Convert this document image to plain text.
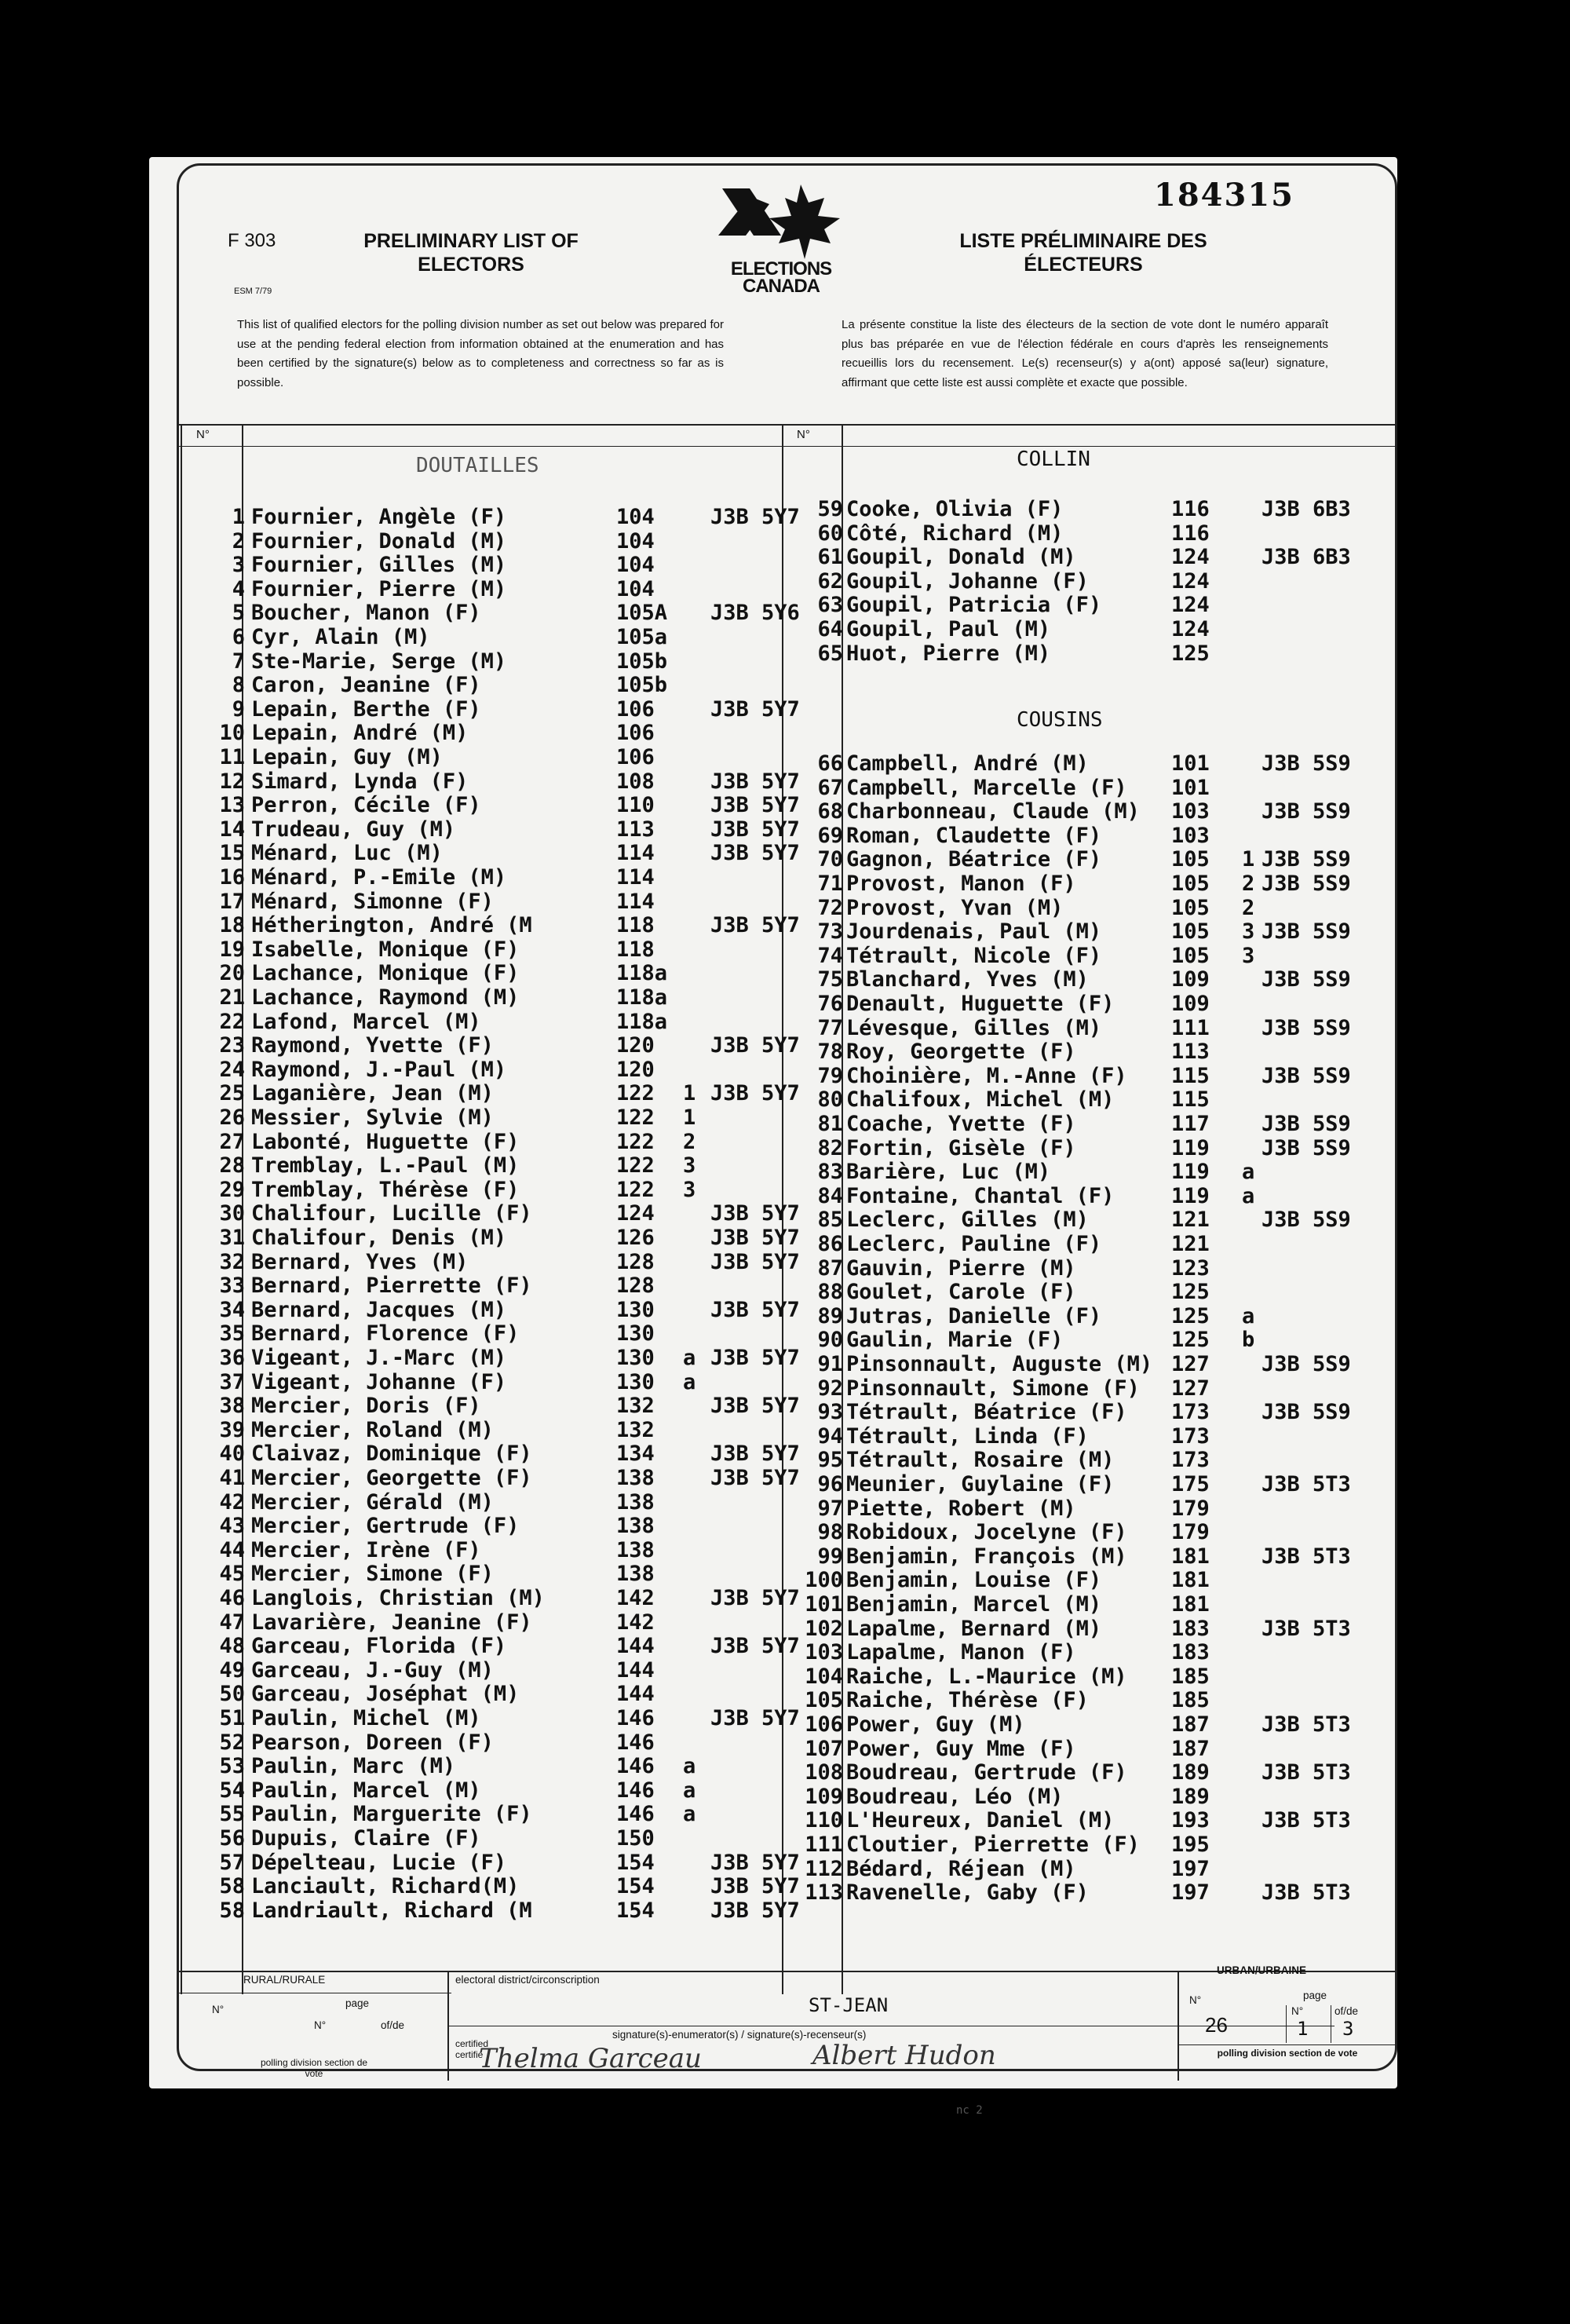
F 303
ESM 7/79
PRELIMINARY LIST OF ELECTORS	ELECTIONS
CANADA
184315
LISTE PRÉLIMINAIRE DES ÉLECTEURS
This list of qualified electors for the polling division number as set out below was prepared for use at the pending federal election from information obtained at the enumeration and has been certified by the signature(s) below as to completeness and correctness so far as is possible.
La présente constitue la liste des électeurs de la section de vote dont le numéro apparaît plus bas préparée en vue de l'élection fédérale en cours d'après les renseignements recueillis lors du recensement. Le(s) recenseur(s) y a(ont) apposé sa(leur) signature, affirmant que cette liste est aussi complète et exacte que possible.
N°	N°
DOUTAILLES	COLLIN
COUSINS
1 Fournier, Angèle (F)	104	J3B 5Y7
2 Fournier, Donald (M)	104
3 Fournier, Gilles (M)	104
4 Fournier, Pierre (M)	104
5 Boucher, Manon (F)	105A J3B 5Y6
6 Cyr, Alain (M)	105a
7 Ste-Marie, Serge (M)	105b
8 Caron, Jeanine (F)	105b
9 Lepain, Berthe (F)	106	J3B 5Y7
10 Lepain, André (M)	106
11 Lepain, Guy (M)	106
12 Simard, Lynda (F)	108	J3B 5Y7
13 Perron, Cécile (F)	110	J3B 5Y7
14 Trudeau, Guy (M)	113	J3B 5Y7
15 Ménard, Luc (M)	114	J3B 5Y7
16 Ménard, P.-Emile (M)	114
17 Ménard, Simonne (F)	114
18 Hétherington, André (M	118	J3B 5Y7
19 Isabelle, Monique (F)	118
20 Lachance, Monique (F)	118a
21 Lachance, Raymond (M)	118a
22 Lafond, Marcel (M)	118a
23 Raymond, Yvette (F)	120	J3B 5Y7
24 Raymond, J.-Paul (M)	120
25 Laganière, Jean (M)	122 1 J3B 5Y7
26 Messier, Sylvie (M)	122 1
27 Labonté, Huguette (F)	122 2
28 Tremblay, L.-Paul (M)	122 3
29 Tremblay, Thérèse (F)	122 3
30 Chalifour, Lucille (F)	124	J3B 5Y7
31 Chalifour, Denis (M)	126	J3B 5Y7
32 Bernard, Yves (M)	128	J3B 5Y7
33 Bernard, Pierrette (F)	128
34 Bernard, Jacques (M)	130	J3B 5Y7
35 Bernard, Florence (F)	130
36 Vigeant, J.-Marc (M)	130 a J3B 5Y7
37 Vigeant, Johanne (F)	130 a
38 Mercier, Doris (F)	132	J3B 5Y7
39 Mercier, Roland (M)	132
40 Claivaz, Dominique (F)	134	J3B 5Y7
41 Mercier, Georgette (F)	138	J3B 5Y7
42 Mercier, Gérald (M)	138
43 Mercier, Gertrude (F)	138
44 Mercier, Irène (F)	138
45 Mercier, Simone (F)	138
46 Langlois, Christian (M)	142	J3B 5Y7
47 Lavarière, Jeanine (F)	142
48 Garceau, Florida (F)	144	J3B 5Y7
49 Garceau, J.-Guy (M)	144
50 Garceau, Joséphat (M)	144
51 Paulin, Michel (M)	146	J3B 5Y7
52 Pearson, Doreen (F)	146
53 Paulin, Marc (M)	146 a
54 Paulin, Marcel (M)	146 a
55 Paulin, Marguerite (F)	146 a
56 Dupuis, Claire (F)	150
57 Dépelteau, Lucie (F)	154	J3B 5Y7
58 Lanciault, Richard(M)	154	J3B 5Y7
58 Landriault, Richard (M	154	J3B 5Y7
59 Cooke, Olivia (F)	116 J3B 6B3
60 Côté, Richard (M)	116
61 Goupil, Donald (M)	124 J3B 6B3
62 Goupil, Johanne (F)	124
63 Goupil, Patricia (F)	124
64 Goupil, Paul (M)	124
65 Huot, Pierre (M)	125
66 Campbell, André (M)	101 J3B 5S9
67 Campbell, Marcelle (F) 101
68 Charbonneau, Claude (M) 103 J3B 5S9
69 Roman, Claudette (F)	103
70 Gagnon, Béatrice (F)	105 1 J3B 5S9
71 Provost, Manon (F)	105 2 J3B 5S9
72 Provost, Yvan (M)	105 2
73 Jourdenais, Paul (M)	105 3 J3B 5S9
74 Tétrault, Nicole (F)	105 3
75 Blanchard, Yves (M)	109 J3B 5S9
76 Denault, Huguette (F)	109
77 Lévesque, Gilles (M)	111 J3B 5S9
78 Roy, Georgette (F)	113
79 Choinière, M.-Anne (F) 115 J3B 5S9
80 Chalifoux, Michel (M)	115
81 Coache, Yvette (F)	117 J3B 5S9
82 Fortin, Gisèle (F)	119 J3B 5S9
83 Barière, Luc (M)	119 a
84 Fontaine, Chantal (F)	119 a
85 Leclerc, Gilles (M)	121 J3B 5S9
86 Leclerc, Pauline (F)	121
87 Gauvin, Pierre (M)	123
88 Goulet, Carole (F)	125
89 Jutras, Danielle (F)	125 a
90 Gaulin, Marie (F)	125 b
91 Pinsonnault, Auguste (M) 127 J3B 5S9
92 Pinsonnault, Simone (F) 127
93 Tétrault, Béatrice (F) 173 J3B 5S9
94 Tétrault, Linda (F)	173
95 Tétrault, Rosaire (M)	173
96 Meunier, Guylaine (F)	175 J3B 5T3
97 Piette, Robert (M)	179
98 Robidoux, Jocelyne (F) 179
99 Benjamin, François (M) 181 J3B 5T3
100 Benjamin, Louise (F)	181
101 Benjamin, Marcel (M)	181
102 Lapalme, Bernard (M)	183 J3B 5T3
103 Lapalme, Manon (F)	183
104 Raiche, L.-Maurice (M) 185
105 Raiche, Thérèse (F)	185
106 Power, Guy (M)	187 J3B 5T3
107 Power, Guy Mme (F)	187
108 Boudreau, Gertrude (F) 189 J3B 5T3
109 Boudreau, Léo (M)	189
110 L'Heureux, Daniel (M)	193 J3B 5T3
111 Cloutier, Pierrette (F) 195
112 Bédard, Réjean (M)	197
113 Ravenelle, Gaby (F)	197 J3B 5T3
RURAL/RURALE
URBAN/URBAINE
N°
page
N°	of/de
polling division section de vote
electoral district/circonscription
ST-JEAN
signature(s)-enumerator(s) / signature(s)-recenseur(s)
certified certifié
Thelma Garceau	Albert Hudon
N°	page
26
N°	of/de
1 3
polling division section de vote
nc 2
